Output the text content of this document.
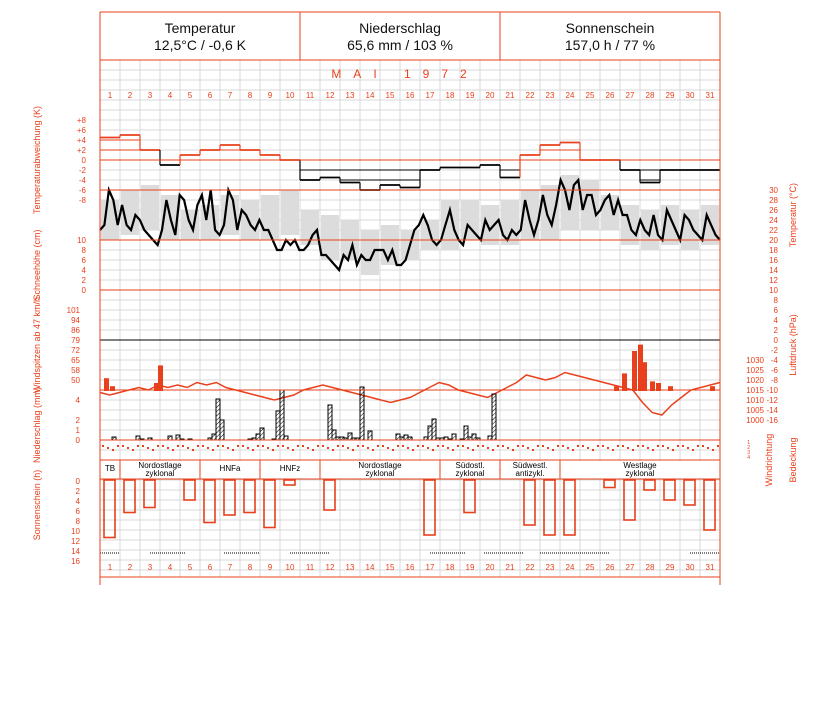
TB	Nordostlage
zyklonal
HNFa	HNFz	Nordostlage
zyklonal
Südostl.
zyklonal
Südwestl.
antizykl.
Westlage
zyklonal
MAI 1972
1
1
2
2
3
3
4
4
5
5
6
6
7
7
8
8
9
9
10
10
11
11
12
12
13
13
14
14
15
15
16
16
17
17
18
18
19
19
20
20
21
21
22
22
23
23
24
24
25
25
26
26
27
27
28
28
29
29
30
30
31
31
+8
+6
+4
+2
0
-2
-4
-6
-8
30
28
26
24
22
20
18
16
14
12
10
8
6
4
2
0
-2
-4
-6
-8
-10
-12
-14
-16
10
8
6
4
2
0
101
94
86
79
72
65
58
50
1030
1025
1020
1015
1010
1005
1000
4
2
1
0	1
2
3
4
0
2
4
6
8
10
12
14
16
Temperaturabweichung (K)
Schneehöhe (cm)
Windspitzen ab 47 km/h
Niederschlag (mm)
Sonnenschein (h)
Temperatur (°C)
Luftdruck (hPa)
Windrichtung Bedeckung
Temperatur
12,5°C / -0,6 K
Niederschlag
65,6 mm / 103 %
Sonnenschein
157,0 h / 77 %
